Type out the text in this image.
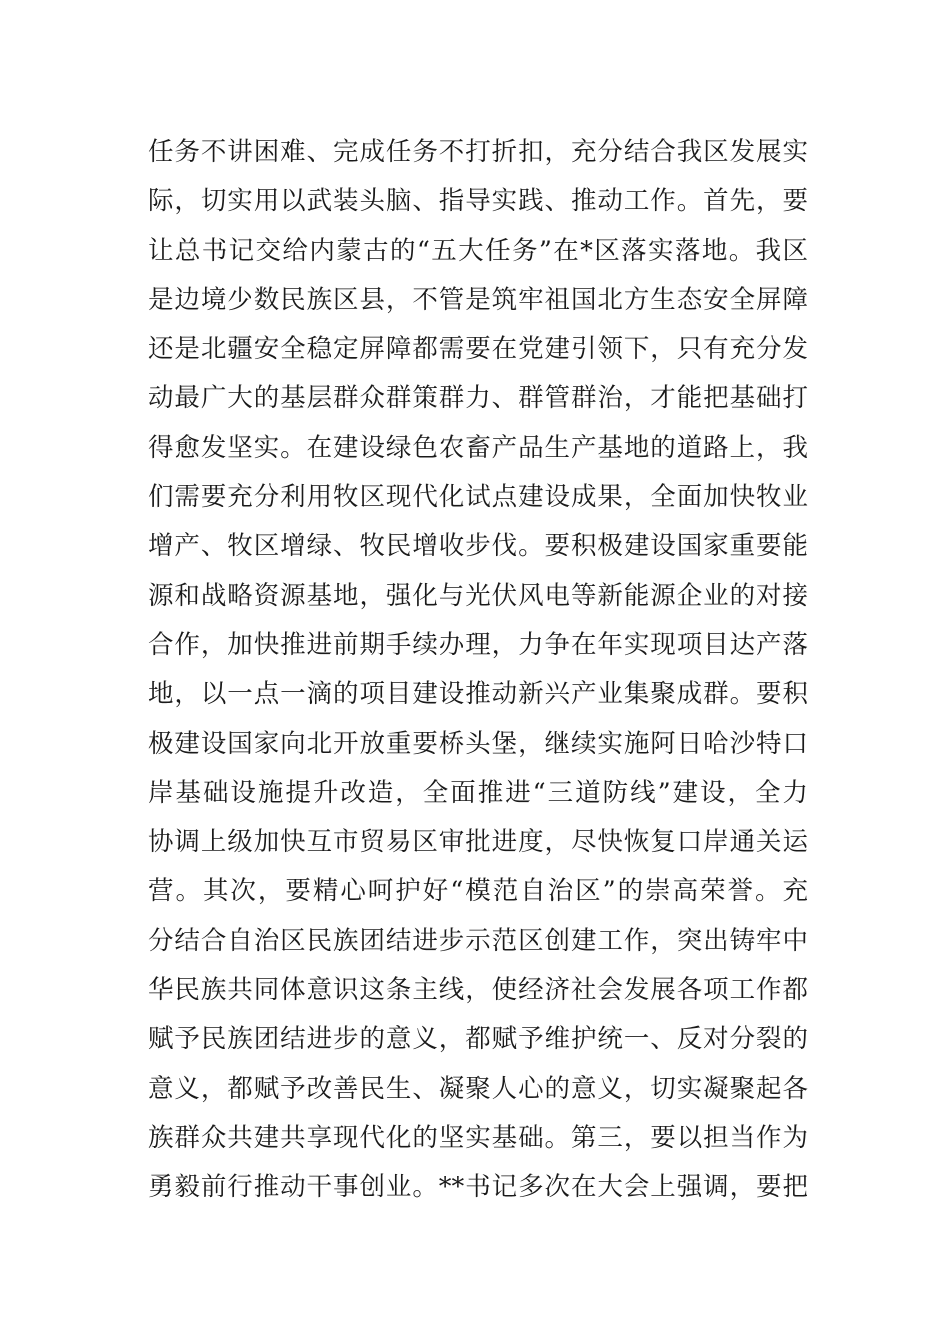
任务不讲困难、完成任务不打折扣，充分结合我区发展实
际，切实用以武装头脑、指导实践、推动工作。首先，要
让总书记交给内蒙古的“五大任务”在*区落实落地。我区
是边境少数民族区县，不管是筑牢祖国北方生态安全屏障
还是北疆安全稳定屏障都需要在党建引领下，只有充分发
动最广大的基层群众群策群力、群管群治，才能把基础打
得愈发坚实。在建设绿色农畜产品生产基地的道路上，我
们需要充分利用牧区现代化试点建设成果，全面加快牧业
增产、牧区增绿、牧民增收步伐。要积极建设国家重要能
源和战略资源基地，强化与光伏风电等新能源企业的对接
合作，加快推进前期手续办理，力争在年实现项目达产落
地，以一点一滴的项目建设推动新兴产业集聚成群。要积
极建设国家向北开放重要桥头堡，继续实施阿日哈沙特口
岸基础设施提升改造，全面推进“三道防线”建设，全力
协调上级加快互市贸易区审批进度，尽快恢复口岸通关运
营。其次，要精心呵护好“模范自治区”的崇高荣誉。充
分结合自治区民族团结进步示范区创建工作，突出铸牢中
华民族共同体意识这条主线，使经济社会发展各项工作都
赋予民族团结进步的意义，都赋予维护统一、反对分裂的
意义，都赋予改善民生、凝聚人心的意义，切实凝聚起各
族群众共建共享现代化的坚实基础。第三，要以担当作为
勇毅前行推动干事创业。**书记多次在大会上强调，要把
